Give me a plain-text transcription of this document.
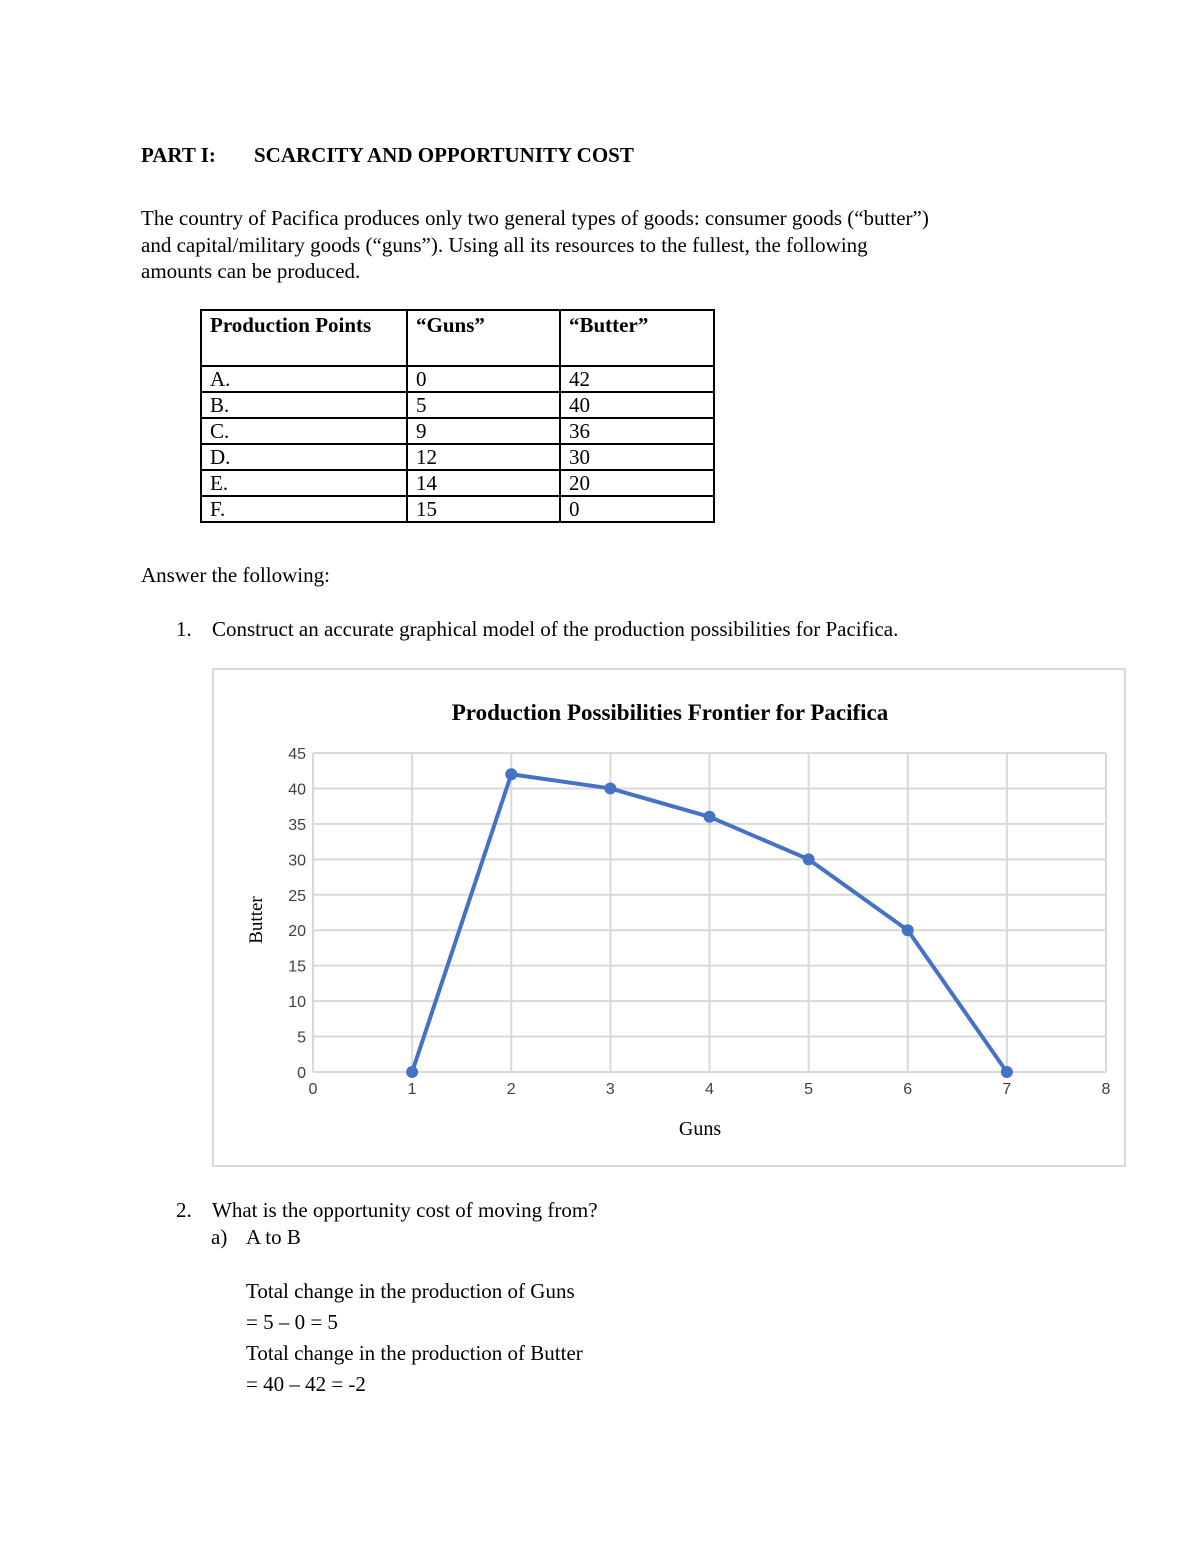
PART I: SCARCITY AND OPPORTUNITY COST
The country of Pacifica produces only two general types of goods: consumer goods (“butter”)
and capital/military goods (“guns”). Using all its resources to the fullest, the following
amounts can be produced.
Production Points	“Guns”	“Butter”
A.	0	42
B.	5	40
C.	9	36
D.	12	30
E.	14	20
F.	15	0
Answer the following:
1. Construct an accurate graphical model of the production possibilities for Pacifica.
Production Possibilities Frontier for Pacifica
0
5
10
15
20
25
30
35
40
45
0	1	2	3	4	5	6	7	8
Butter
Guns
2. What is the opportunity cost of moving from?
a) A to B
Total change in the production of Guns
= 5 – 0 = 5
Total change in the production of Butter
= 40 – 42 = -2
